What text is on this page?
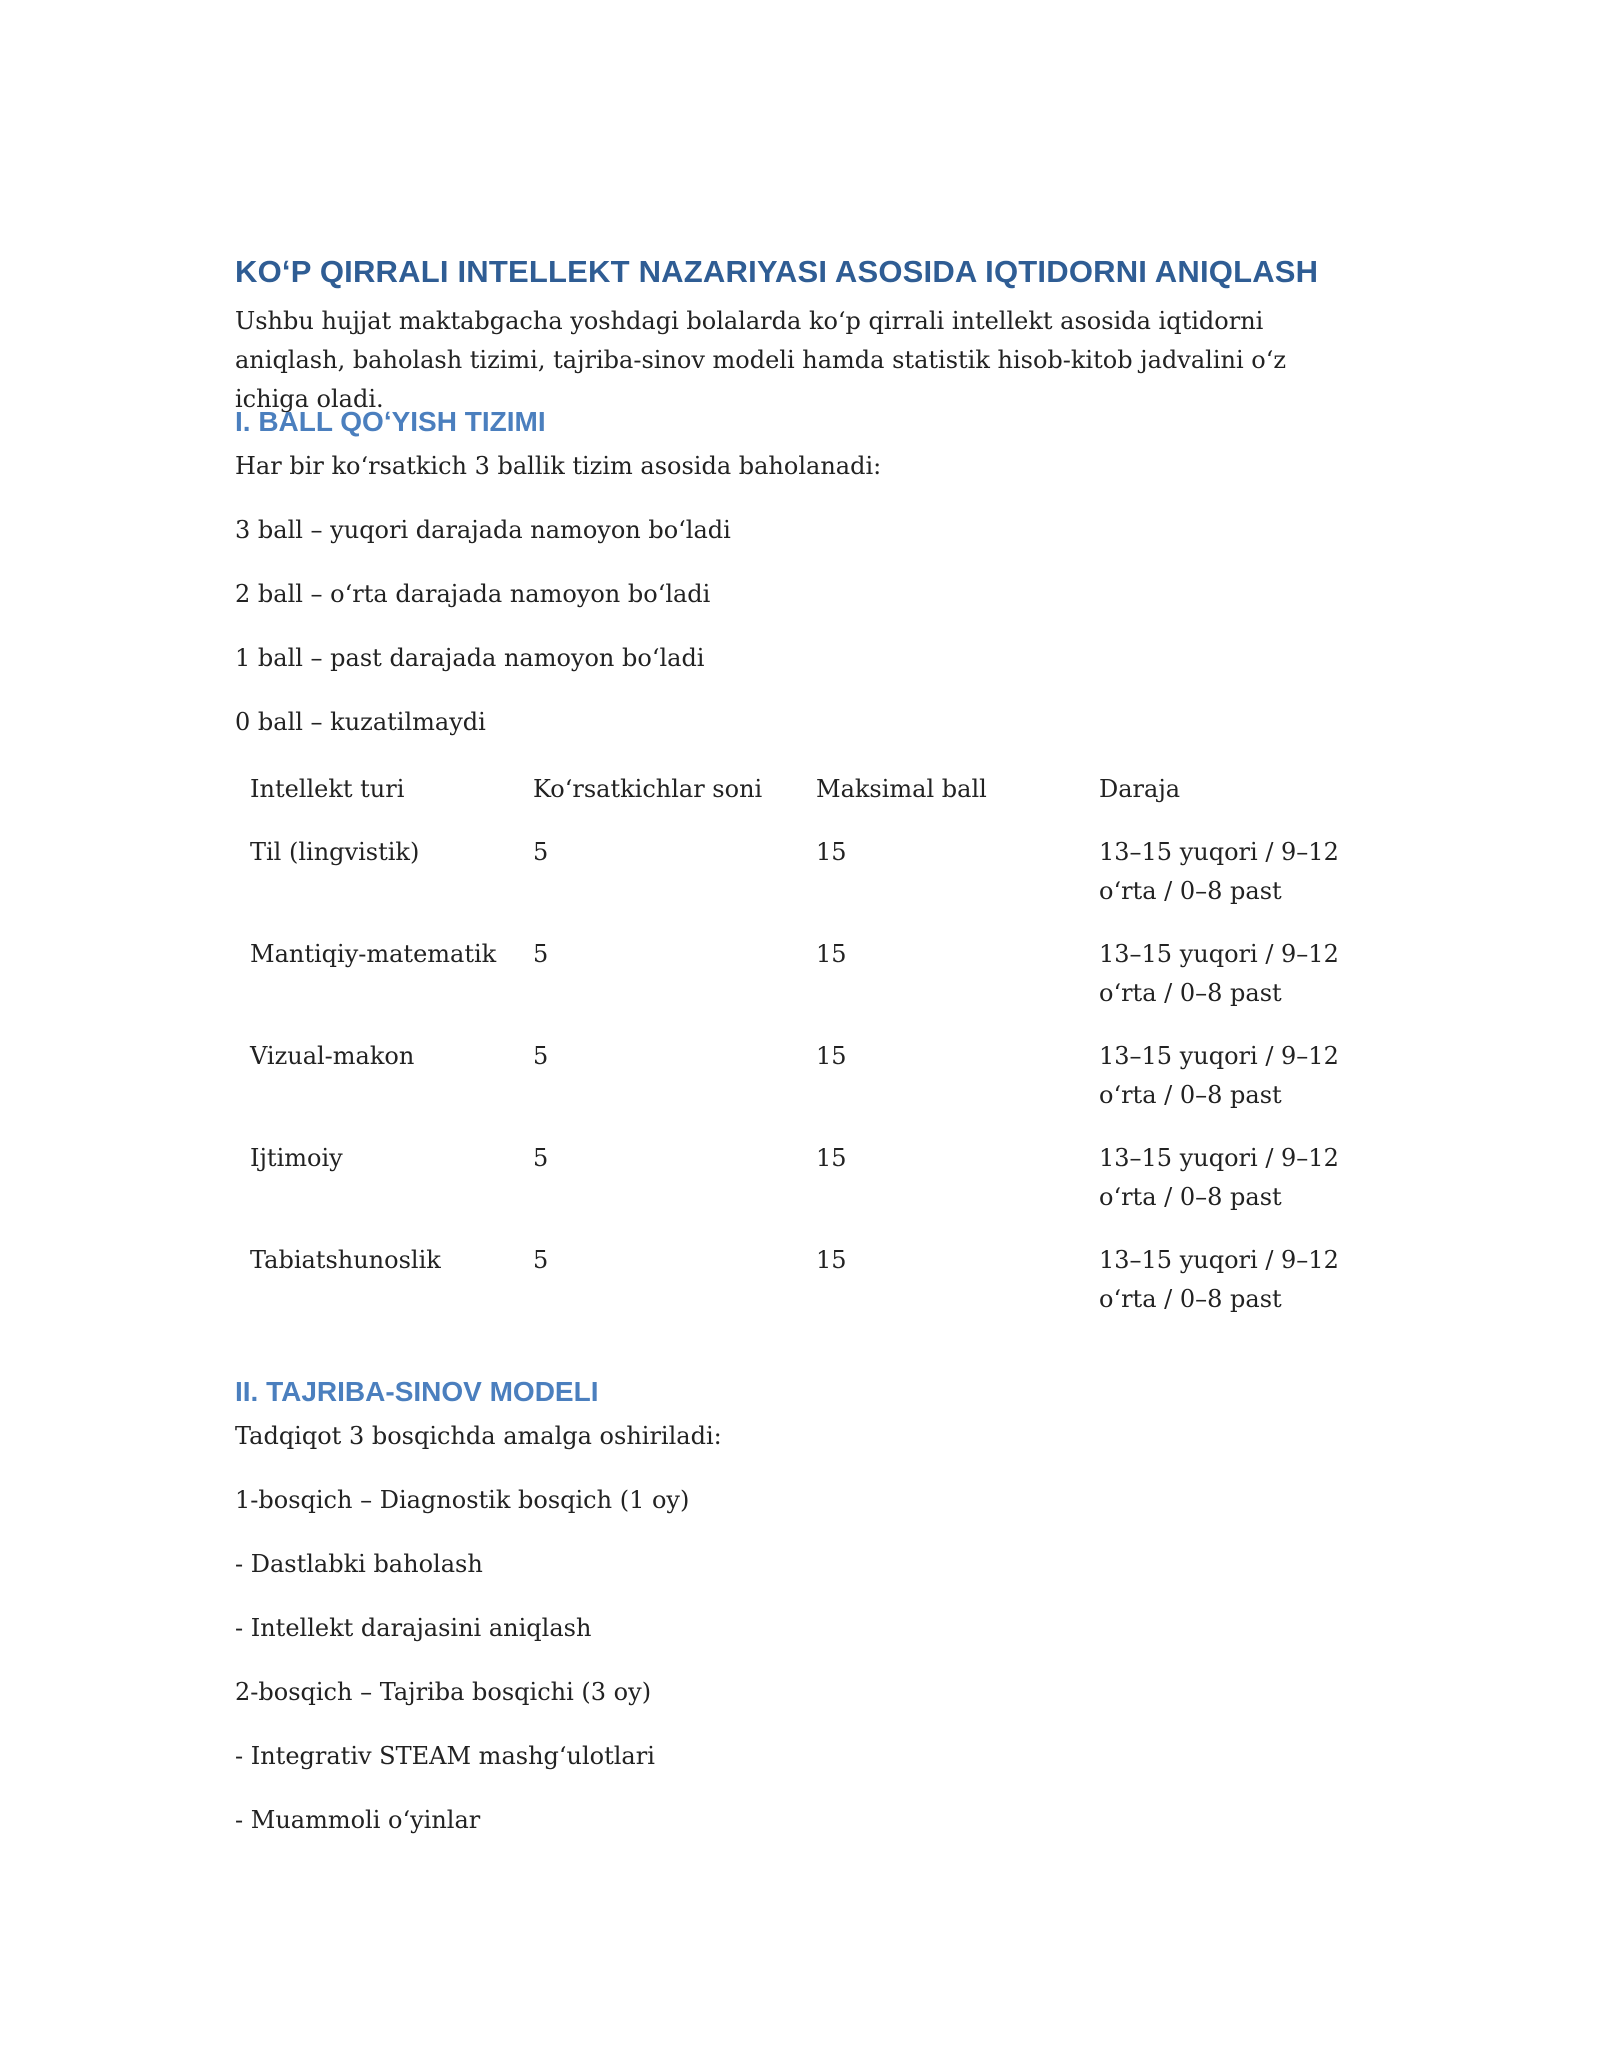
KOʻP QIRRALI INTELLEKT NAZARIYASI ASOSIDA IQTIDORNI ANIQLASH

Ushbu hujjat maktabgacha yoshdagi bolalarda koʻp qirrali intellekt asosida iqtidorni aniqlash, baholash tizimi, tajriba-sinov modeli hamda statistik hisob-kitob jadvalini oʻz ichiga oladi.

I. BALL QOʻYISH TIZIMI

Har bir koʻrsatkich 3 ballik tizim asosida baholanadi:

3 ball – yuqori darajada namoyon boʻladi

2 ball – oʻrta darajada namoyon boʻladi

1 ball – past darajada namoyon boʻladi

0 ball – kuzatilmaydi

Intellekt turi	Koʻrsatkichlar soni	Maksimal ball	Daraja
Til (lingvistik)	5	15	13–15 yuqori / 9–12 oʻrta / 0–8 past
Mantiqiy-matematik	5	15	13–15 yuqori / 9–12 oʻrta / 0–8 past
Vizual-makon	5	15	13–15 yuqori / 9–12 oʻrta / 0–8 past
Ijtimoiy	5	15	13–15 yuqori / 9–12 oʻrta / 0–8 past
Tabiatshunoslik	5	15	13–15 yuqori / 9–12 oʻrta / 0–8 past
II. TAJRIBA-SINOV MODELI

Tadqiqot 3 bosqichda amalga oshiriladi:

1-bosqich – Diagnostik bosqich (1 oy)

- Dastlabki baholash

- Intellekt darajasini aniqlash

2-bosqich – Tajriba bosqichi (3 oy)

- Integrativ STEAM mashgʻulotlari

- Muammoli oʻyinlar
